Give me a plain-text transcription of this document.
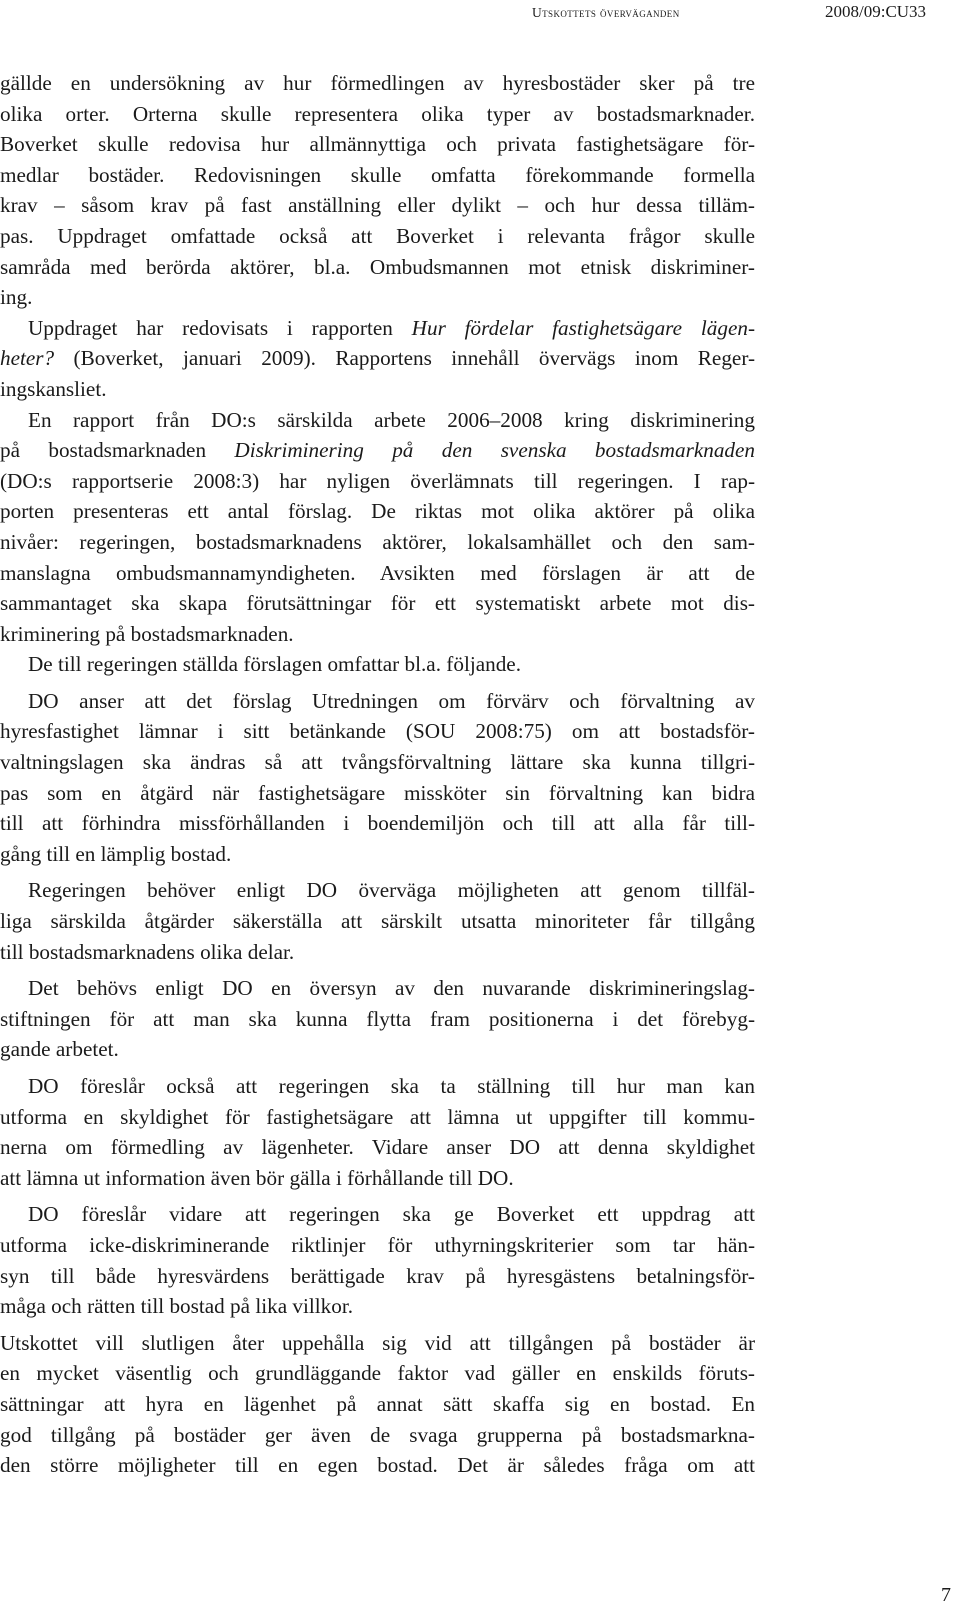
Utskottets överväganden	2008/09:CU33
gällde en undersökning av hur förmedlingen av hyresbostäder sker på tre
olika orter. Orterna skulle representera olika typer av bostadsmarknader.
Boverket skulle redovisa hur allmännyttiga och privata fastighetsägare för-
medlar bostäder. Redovisningen skulle omfatta förekommande formella
krav – såsom krav på fast anställning eller dylikt – och hur dessa tilläm-
pas. Uppdraget omfattade också att Boverket i relevanta frågor skulle
samråda med berörda aktörer, bl.a. Ombudsmannen mot etnisk diskriminer-
ing.
Uppdraget har redovisats i rapporten Hur fördelar fastighetsägare lägen-
heter? (Boverket, januari 2009). Rapportens innehåll övervägs inom Reger-
ingskansliet.
En rapport från DO:s särskilda arbete 2006–2008 kring diskriminering
på bostadsmarknaden Diskriminering på den svenska bostadsmarknaden
(DO:s rapportserie 2008:3) har nyligen överlämnats till regeringen. I rap-
porten presenteras ett antal förslag. De riktas mot olika aktörer på olika
nivåer: regeringen, bostadsmarknadens aktörer, lokalsamhället och den sam-
manslagna ombudsmannamyndigheten. Avsikten med förslagen är att de
sammantaget ska skapa förutsättningar för ett systematiskt arbete mot dis-
kriminering på bostadsmarknaden.
De till regeringen ställda förslagen omfattar bl.a. följande.
DO anser att det förslag Utredningen om förvärv och förvaltning av
hyresfastighet lämnar i sitt betänkande (SOU 2008:75) om att bostadsför-
valtningslagen ska ändras så att tvångsförvaltning lättare ska kunna tillgri-
pas som en åtgärd när fastighetsägare missköter sin förvaltning kan bidra
till att förhindra missförhållanden i boendemiljön och till att alla får till-
gång till en lämplig bostad.
Regeringen behöver enligt DO överväga möjligheten att genom tillfäl-
liga särskilda åtgärder säkerställa att särskilt utsatta minoriteter får tillgång
till bostadsmarknadens olika delar.
Det behövs enligt DO en översyn av den nuvarande diskrimineringslag-
stiftningen för att man ska kunna flytta fram positionerna i det förebyg-
gande arbetet.
DO föreslår också att regeringen ska ta ställning till hur man kan
utforma en skyldighet för fastighetsägare att lämna ut uppgifter till kommu-
nerna om förmedling av lägenheter. Vidare anser DO att denna skyldighet
att lämna ut information även bör gälla i förhållande till DO.
DO föreslår vidare att regeringen ska ge Boverket ett uppdrag att
utforma icke-diskriminerande riktlinjer för uthyrningskriterier som tar hän-
syn till både hyresvärdens berättigade krav på hyresgästens betalningsför-
måga och rätten till bostad på lika villkor.
Utskottet vill slutligen åter uppehålla sig vid att tillgången på bostäder är
en mycket väsentlig och grundläggande faktor vad gäller en enskilds föruts-
sättningar att hyra en lägenhet på annat sätt skaffa sig en bostad. En
god tillgång på bostäder ger även de svaga grupperna på bostadsmarkna-
den större möjligheter till en egen bostad. Det är således fråga om att
7
